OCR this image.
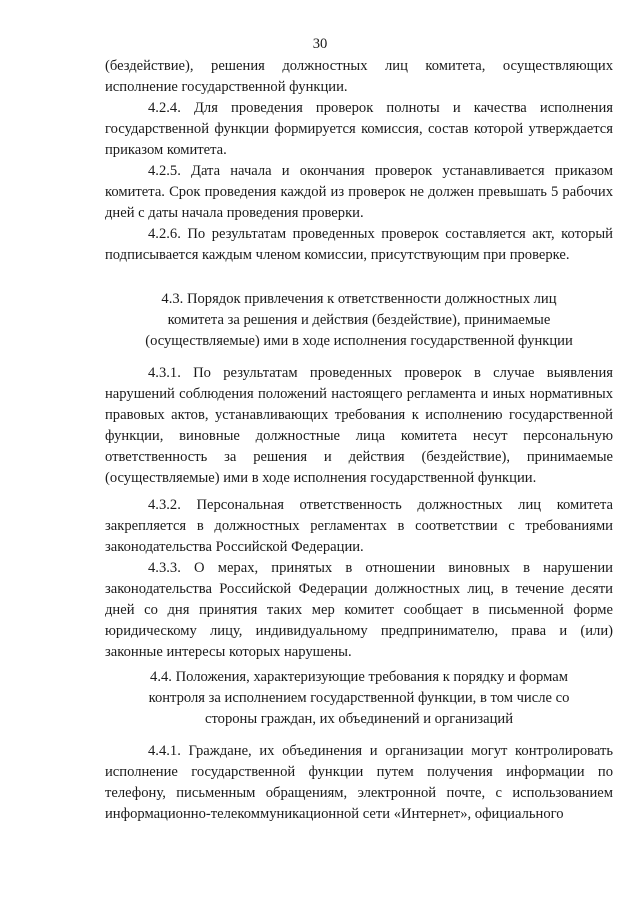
30

(бездействие), решения должностных лиц комитета, осуществляющих исполнение государственной функции.

4.2.4. Для проведения проверок полноты и качества исполнения государственной функции формируется комиссия, состав которой утверждается приказом комитета.

4.2.5. Дата начала и окончания проверок устанавливается приказом комитета. Срок проведения каждой из проверок не должен превышать 5 рабочих дней с даты начала проведения проверки.

4.2.6. По результатам проведенных проверок составляется акт, который подписывается каждым членом комиссии, присутствующим при проверке.

4.3. Порядок привлечения к ответственности должностных лиц

комитета за решения и действия (бездействие), принимаемые

(осуществляемые) ими в ходе исполнения государственной функции

4.3.1. По результатам проведенных проверок в случае выявления нарушений соблюдения положений настоящего регламента и иных нормативных правовых актов, устанавливающих требования к исполнению государственной функции, виновные должностные лица комитета несут персональную ответственность за решения и действия (бездействие), принимаемые (осуществляемые) ими в ходе исполнения государственной функции.

4.3.2. Персональная ответственность должностных лиц комитета закрепляется в должностных регламентах в соответствии с требованиями законодательства Российской Федерации.

4.3.3. О мерах, принятых в отношении виновных в нарушении законодательства Российской Федерации должностных лиц, в течение десяти дней со дня принятия таких мер комитет сообщает в письменной форме юридическому лицу, индивидуальному предпринимателю, права и (или) законные интересы которых нарушены.

4.4. Положения, характеризующие требования к порядку и формам

контроля за исполнением государственной функции, в том числе со

стороны граждан, их объединений и организаций

4.4.1. Граждане, их объединения и организации могут контролировать исполнение государственной функции путем получения информации по телефону, письменным обращениям, электронной почте, с использованием информационно-телекоммуникационной сети «Интернет», официального
